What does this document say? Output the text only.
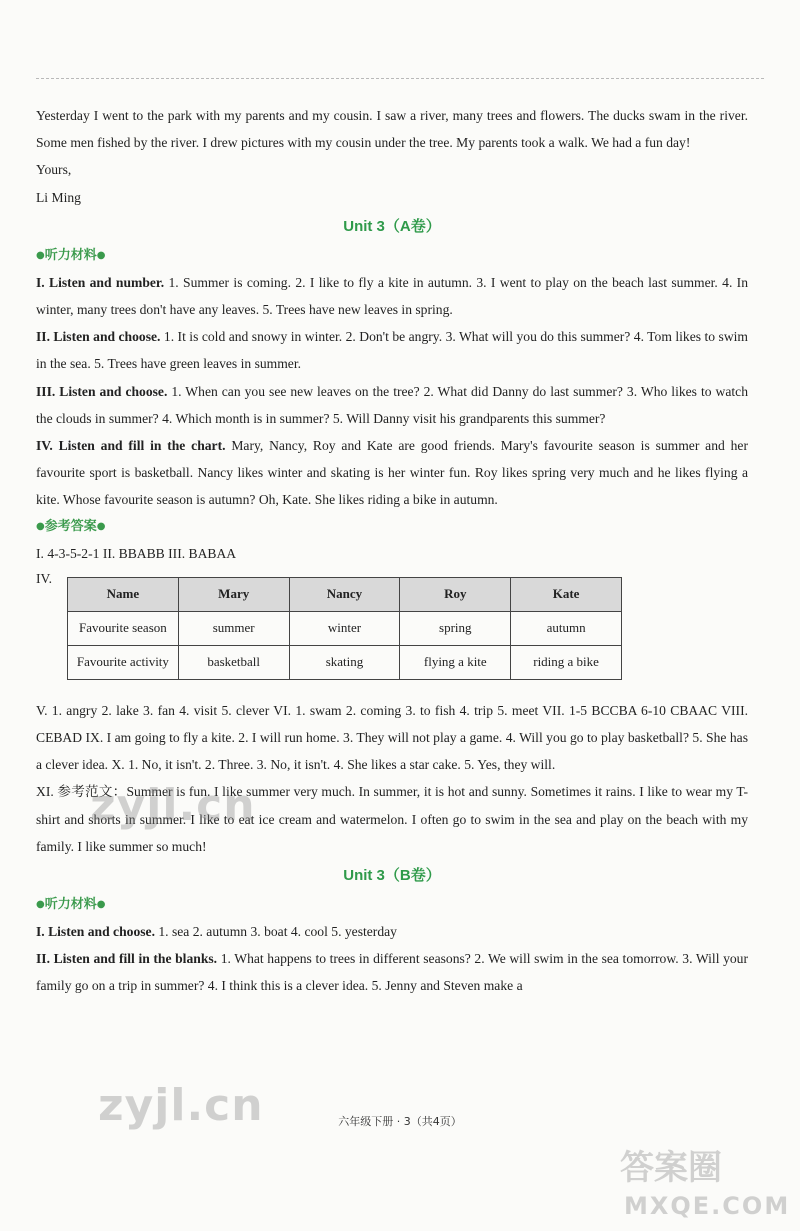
Yesterday I went to the park with my parents and my cousin. I saw a river, many trees and flowers. The ducks swam in the river. Some men fished by the river. I drew pictures with my cousin under the tree. My parents took a walk. We had a fun day!

Yours,

Li Ming

Unit 3（A卷）
●听力材料●

I. Listen and number. 1. Summer is coming. 2. I like to fly a kite in autumn. 3. I went to play on the beach last summer. 4. In winter, many trees don't have any leaves. 5. Trees have new leaves in spring.

II. Listen and choose. 1. It is cold and snowy in winter. 2. Don't be angry. 3. What will you do this summer? 4. Tom likes to swim in the sea. 5. Trees have green leaves in summer.

III. Listen and choose. 1. When can you see new leaves on the tree? 2. What did Danny do last summer? 3. Who likes to watch the clouds in summer? 4. Which month is in summer? 5. Will Danny visit his grandparents this summer?

IV. Listen and fill in the chart. Mary, Nancy, Roy and Kate are good friends. Mary's favourite season is summer and her favourite sport is basketball. Nancy likes winter and skating is her winter fun. Roy likes spring very much and he likes flying a kite. Whose favourite season is autumn? Oh, Kate. She likes riding a bike in autumn.

●参考答案●

I. 4-3-5-2-1 II. BBABB III. BABAA

IV.
Name	Mary	Nancy	Roy	Kate
Favourite season	summer	winter	spring	autumn
Favourite activity	basketball	skating	flying a kite	riding a bike

V. 1. angry 2. lake 3. fan 4. visit 5. clever VI. 1. swam 2. coming 3. to fish 4. trip 5. meet VII. 1-5 BCCBA 6-10 CBAAC VIII. CEBAD IX. I am going to fly a kite. 2. I will run home. 3. They will not play a game. 4. Will you go to play basketball? 5. She has a clever idea. X. 1. No, it isn't. 2. Three. 3. No, it isn't. 4. She likes a star cake. 5. Yes, they will.

XI. 参考范文：Summer is fun. I like summer very much. In summer, it is hot and sunny. Sometimes it rains. I like to wear my T-shirt and shorts in summer. I like to eat ice cream and watermelon. I often go to swim in the sea and play on the beach with my family. I like summer so much!

Unit 3（B卷）
●听力材料●

I. Listen and choose. 1. sea 2. autumn 3. boat 4. cool 5. yesterday

II. Listen and fill in the blanks. 1. What happens to trees in different seasons? 2. We will swim in the sea tomorrow. 3. Will your family go on a trip in summer? 4. I think this is a clever idea. 5. Jenny and Steven make a

六年级下册 · 3（共4页）
zyjl.cn
zyjl.cn
答案圈
MXQE.COM
